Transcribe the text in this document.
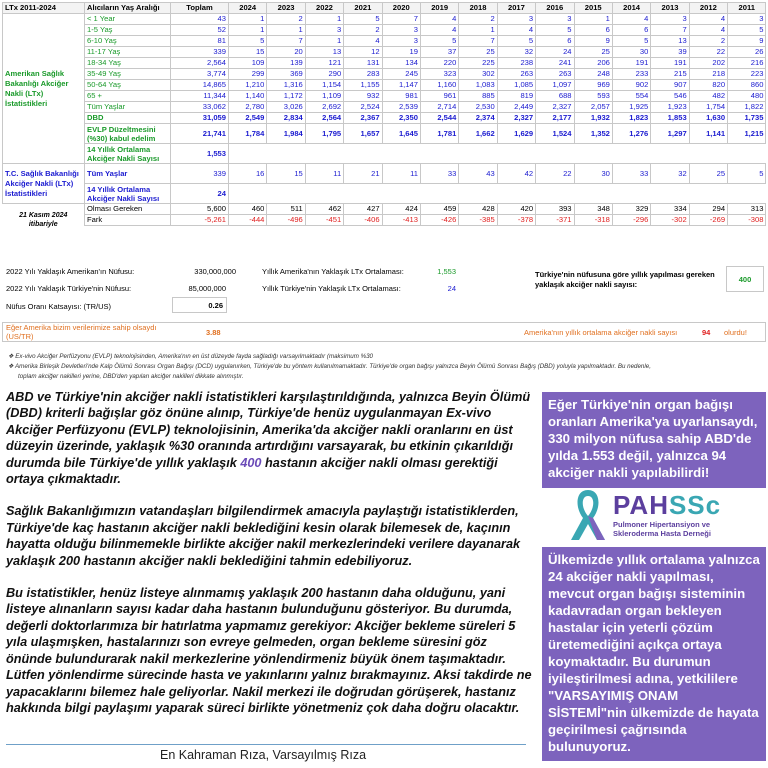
LTx 2011-2024	Alıcıların Yaş Aralığı	Toplam	2024	2023	2022	2021	2020	2019	2018	2017	2016	2015	2014	2013	2012	2011
Amerikan Sağlık Bakanlığı Akciğer Nakli (LTx) İstatistikleri	< 1 Year	43	1	2	1	5	7	4	2	3	3	1	4	3	4	3
	1-5 Yaş	52	1	1	3	2	3	4	1	4	5	6	6	7	4	5
	6-10 Yaş	81	5	7	1	4	3	5	7	5	6	9	5	13	2	9
	11-17 Yaş	339	15	20	13	12	19	37	25	32	24	25	30	39	22	26
	18-34 Yaş	2,564	109	139	121	131	134	220	225	238	241	206	191	191	202	216
	35-49 Yaş	3,774	299	369	290	283	245	323	302	263	263	248	233	215	218	223
	50-64 Yaş	14,865	1,210	1,316	1,154	1,155	1,147	1,160	1,083	1,085	1,097	969	902	907	820	860
	65 +	11,344	1,140	1,172	1,109	932	981	961	885	819	688	593	554	546	482	480
	Tüm Yaşlar	33,062	2,780	3,026	2,692	2,524	2,539	2,714	2,530	2,449	2,327	2,057	1,925	1,923	1,754	1,822
	DBD	31,059	2,549	2,834	2,564	2,367	2,350	2,544	2,374	2,327	2,177	1,932	1,823	1,853	1,630	1,735
	EVLP Düzeltmesini (%30) kabul edelim	21,741	1,784	1,984	1,795	1,657	1,645	1,781	1,662	1,629	1,524	1,352	1,276	1,297	1,141	1,215
	14 Yıllık Ortalama Akciğer Nakli Sayısı	1,553														
T.C. Sağlık Bakanlığı Akciğer Nakli (LTx) İstatistikleri	Tüm Yaşlar	339	16	15	11	21	11	33	43	42	22	30	33	32	25	5
	14 Yıllık Ortalama Akciğer Nakli Sayısı	24														
21 Kasım 2024 itibariyle	Olması Gereken	5,600	460	511	462	427	424	459	428	420	393	348	329	334	294	313
	Fark	-5,261	-444	-496	-451	-406	-413	-426	-385	-378	-371	-318	-296	-302	-269	-308

2022 Yılı Yaklaşık Amerikan'ın Nüfusu:	330,000,000
2022 Yılı Yaklaşık Türkiye'nin Nüfusu:	85,000,000
Nüfus Oranı Katsayısı: (TR/US)	0.26
Yıllık Amerika'nın Yaklaşık LTx Ortalaması:	1,553
Yıllık Türkiye'nin Yaklaşık LTx Ortalaması:	24
Türkiye'nin nüfusuna göre yıllık yapılması gereken yaklaşık akciğer nakli sayısı:
400
Eğer Amerika bizim verilerimize sahip olsaydı (US/TR)	3.88	Amerika'nın yıllık ortalama akciğer nakli sayısı	94 olurdu!
❖ Ex-vivo Akciğer Perfüzyonu (EVLP) teknolojisinden, Amerika'nın en üst düzeyde fayda sağladığı varsayılmaktadır (maksimum %30
❖ Amerika Birleşik Devletleri'nde Kalp Ölümü Sonrası Organ Bağışı (DCD) uygulanırken, Türkiye'de bu yöntem kullanılmamaktadır. Türkiye'de organ bağışı yalnızca Beyin Ölümü Sonrası Bağış (DBD) yoluyla yapılmaktadır. Bu nedenle,
toplam akciğer nakilleri yerine, DBD'den yapılan akciğer nakilleri dikkate alınmıştır.

ABD ve Türkiye'nin akciğer nakli istatistikleri karşılaştırıldığında, yalnızca Beyin Ölümü (DBD) kriterli bağışlar göz önüne alınıp, Türkiye'de henüz uygulanmayan Ex-vivo Akciğer Perfüzyonu (EVLP) teknolojisinin, Amerika'da akciğer nakli oranlarını en üst düzeyin üzerinde, yaklaşık %30 oranında artırdığını varsayarak, bu etkinin çıkarıldığı durumda bile Türkiye'de yıllık yaklaşık 400 hastanın akciğer nakli olması gerektiği ortaya çıkmaktadır.

Sağlık Bakanlığımızın vatandaşları bilgilendirmek amacıyla paylaştığı istatistiklerden, Türkiye'de kaç hastanın akciğer nakli beklediğini kesin olarak bilemesek de, kaçının hayatta olduğu bilinmemekle birlikte akciğer nakil merkezlerindeki verilere dayanarak yaklaşık 200 hastanın akciğer nakli beklediğini tahmin edebiliyoruz.

Bu istatistikler, henüz listeye alınmamış yaklaşık 200 hastanın daha olduğunu, yani listeye alınanların sayısı kadar daha hastanın bulunduğunu gösteriyor. Bu durumda, değerli doktorlarımıza bir hatırlatma yapmamız gerekiyor: Akciğer bekleme süreleri 5 yıla ulaşmışken, hastalarınızı son evreye gelmeden, organ bekleme süresini göz önünde bulundurarak nakil merkezlerine yönlendirmeniz büyük önem taşımaktadır. Lütfen yönlendirme sürecinde hasta ve yakınlarını yalnız bırakmayınız. Aksi takdirde ne yapacaklarını bilemez hale geliyorlar. Nakil merkezi ile doğrudan görüşerek, hastanız hakkında bilgi paylaşımı yaparak süreci birlikte yönetmeniz çok daha doğru olacaktır.

En Kahraman Rıza, Varsayılmış Rıza
Eğer Türkiye'nin organ bağışı oranları Amerika'ya uyarlansaydı, 330 milyon nüfusa sahip ABD'de yılda 1.553 değil, yalnızca 94 akciğer nakli yapılabilirdi!
PAHSSc
Pulmoner Hipertansiyon ve
Skleroderma Hasta Derneği
Ülkemizde yıllık ortalama yalnızca 24 akciğer nakli yapılması, mevcut organ bağışı sisteminin kadavradan organ bekleyen hastalar için yeterli çözüm üretemediğini açıkça ortaya koymaktadır. Bu durumun iyileştirilmesi adına, yetkililere "VARSAYIMIŞ ONAM SİSTEMİ"nin ülkemizde de hayata geçirilmesi çağrısında bulunuyoruz.
